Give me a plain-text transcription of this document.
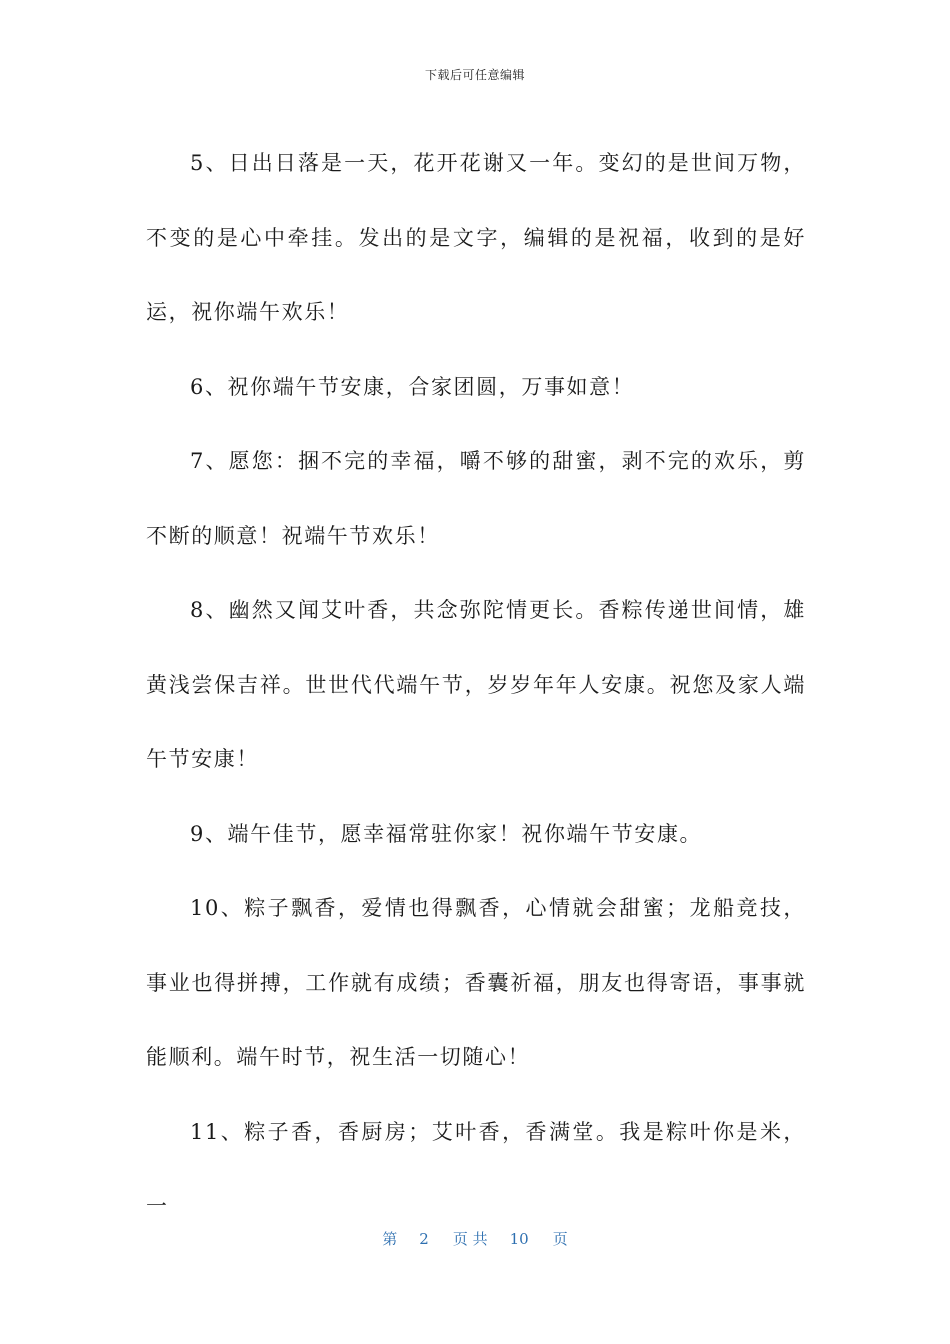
下载后可任意编辑

5、日出日落是一天，花开花谢又一年。变幻的是世间万物，不变的是心中牵挂。发出的是文字，编辑的是祝福，收到的是好运，祝你端午欢乐！

6、祝你端午节安康，合家团圆，万事如意！

7、愿您：捆不完的幸福，嚼不够的甜蜜，剥不完的欢乐，剪不断的顺意！祝端午节欢乐！

8、幽然又闻艾叶香，共念弥陀情更长。香粽传递世间情，雄黄浅尝保吉祥。世世代代端午节，岁岁年年人安康。祝您及家人端午节安康！

9、端午佳节，愿幸福常驻你家！祝你端午节安康。

10、粽子飘香，爱情也得飘香，心情就会甜蜜；龙船竞技，事业也得拼搏，工作就有成绩；香囊祈福，朋友也得寄语，事事就能顺利。端午时节，祝生活一切随心！

11、粽子香，香厨房；艾叶香，香满堂。我是粽叶你是米，一

第 2 页 共 10 页
